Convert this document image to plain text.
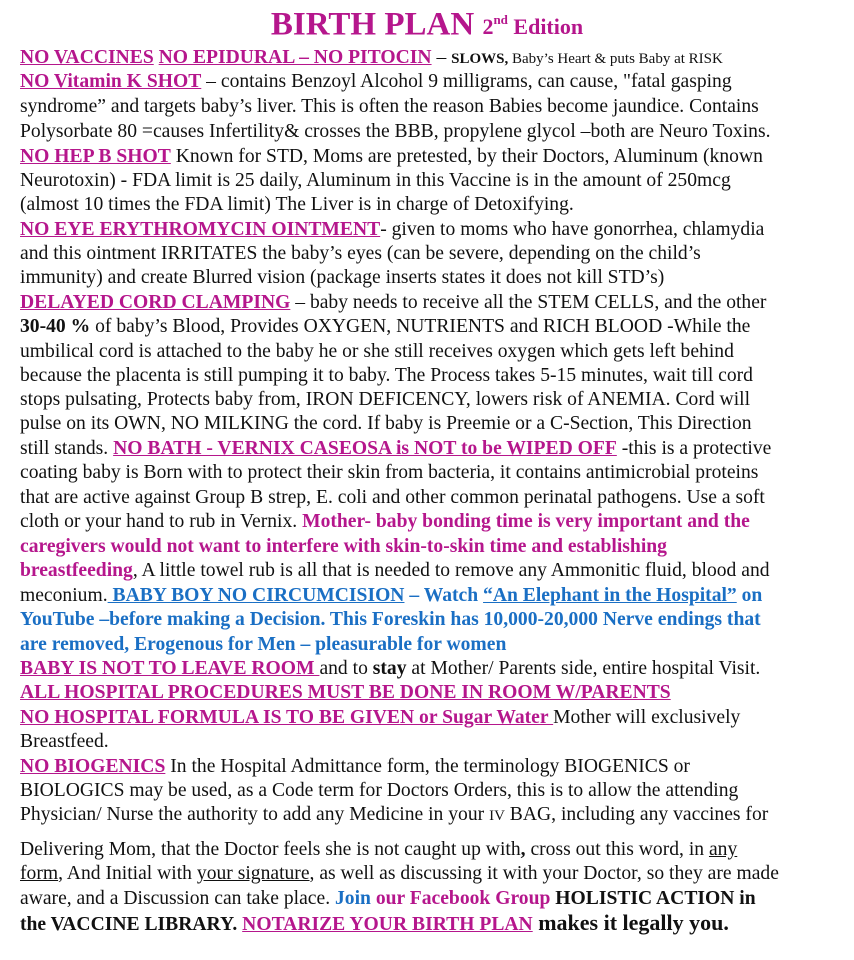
BIRTH PLAN 2nd Edition
NO VACCINES NO EPIDURAL – NO PITOCIN – SLOWS, Baby’s Heart & puts Baby at RISK
NO Vitamin K SHOT – contains Benzoyl Alcohol 9 milligrams, can cause, "fatal gasping
syndrome” and targets baby’s liver. This is often the reason Babies become jaundice. Contains
Polysorbate 80 =causes Infertility& crosses the BBB, propylene glycol –both are Neuro Toxins.
NO HEP B SHOT Known for STD, Moms are pretested, by their Doctors, Aluminum (known
Neurotoxin) - FDA limit is 25 daily, Aluminum in this Vaccine is in the amount of 250mcg
(almost 10 times the FDA limit) The Liver is in charge of Detoxifying.
NO EYE ERYTHROMYCIN OINTMENT- given to moms who have gonorrhea, chlamydia
and this ointment IRRITATES the baby’s eyes (can be severe, depending on the child’s
immunity) and create Blurred vision (package inserts states it does not kill STD’s)
DELAYED CORD CLAMPING – baby needs to receive all the STEM CELLS, and the other
30-40 % of baby’s Blood, Provides OXYGEN, NUTRIENTS and RICH BLOOD -While the
umbilical cord is attached to the baby he or she still receives oxygen which gets left behind
because the placenta is still pumping it to baby. The Process takes 5-15 minutes, wait till cord
stops pulsating, Protects baby from, IRON DEFICENCY, lowers risk of ANEMIA. Cord will
pulse on its OWN, NO MILKING the cord. If baby is Preemie or a C-Section, This Direction
still stands. NO BATH - VERNIX CASEOSA is NOT to be WIPED OFF -this is a protective
coating baby is Born with to protect their skin from bacteria, it contains antimicrobial proteins
that are active against Group B strep, E. coli and other common perinatal pathogens. Use a soft
cloth or your hand to rub in Vernix. Mother- baby bonding time is very important and the
caregivers would not want to interfere with skin-to-skin time and establishing
breastfeeding, A little towel rub is all that is needed to remove any Ammonitic fluid, blood and
meconium. BABY BOY NO CIRCUMCISION – Watch “An Elephant in the Hospital” on
YouTube –before making a Decision. This Foreskin has 10,000-20,000 Nerve endings that
are removed, Erogenous for Men – pleasurable for women
BABY IS NOT TO LEAVE ROOM and to stay at Mother/ Parents side, entire hospital Visit.
ALL HOSPITAL PROCEDURES MUST BE DONE IN ROOM W/PARENTS
NO HOSPITAL FORMULA IS TO BE GIVEN or Sugar Water Mother will exclusively
Breastfeed.
NO BIOGENICS In the Hospital Admittance form, the terminology BIOGENICS or
BIOLOGICS may be used, as a Code term for Doctors Orders, this is to allow the attending
Physician/ Nurse the authority to add any Medicine in your IV BAG, including any vaccines for
Delivering Mom, that the Doctor feels she is not caught up with, cross out this word, in any
form, And Initial with your signature, as well as discussing it with your Doctor, so they are made
aware, and a Discussion can take place. Join our Facebook Group HOLISTIC ACTION in
the VACCINE LIBRARY. NOTARIZE YOUR BIRTH PLAN makes it legally you.
